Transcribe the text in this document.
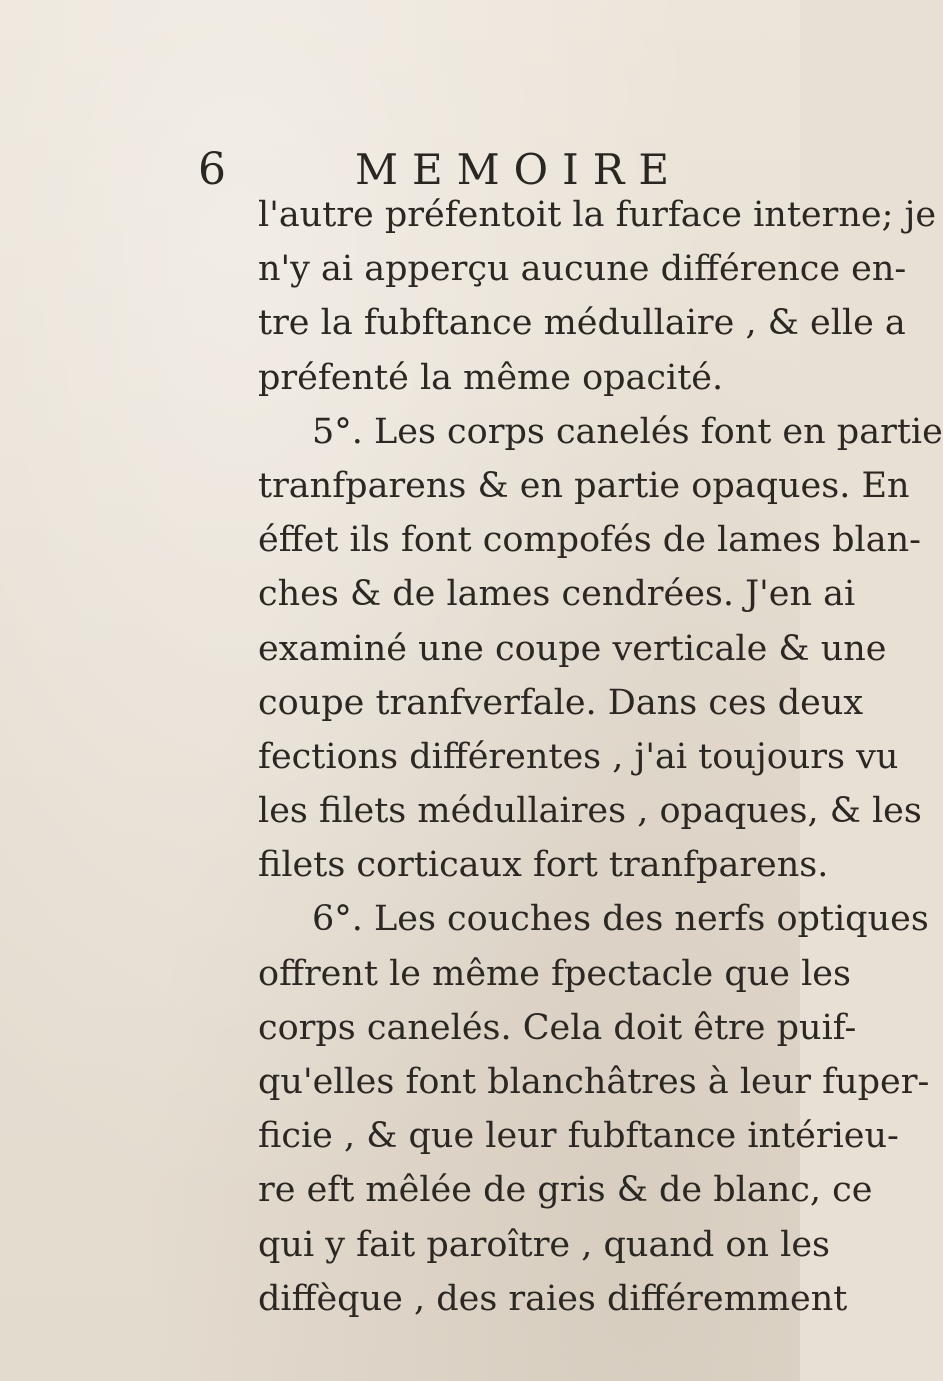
6	MEMOIRE
l'autre préfentoit la furface interne; je
n'y ai apperçu aucune différence en-
tre la fubftance médullaire , & elle a
préfenté la même opacité.
5°. Les corps canelés font en partie
tranfparens & en partie opaques. En
éffet ils font compofés de lames blan-
ches & de lames cendrées. J'en ai
examiné une coupe verticale & une
coupe tranfverfale. Dans ces deux
fections différentes , j'ai toujours vu
les filets médullaires , opaques, & les
filets corticaux fort tranfparens.
6°. Les couches des nerfs optiques
offrent le même fpectacle que les
corps canelés. Cela doit être puif-
qu'elles font blanchâtres à leur fuper-
ficie , & que leur fubftance intérieu-
re eft mêlée de gris & de blanc, ce
qui y fait paroître , quand on les
diffèque , des raies différemment
